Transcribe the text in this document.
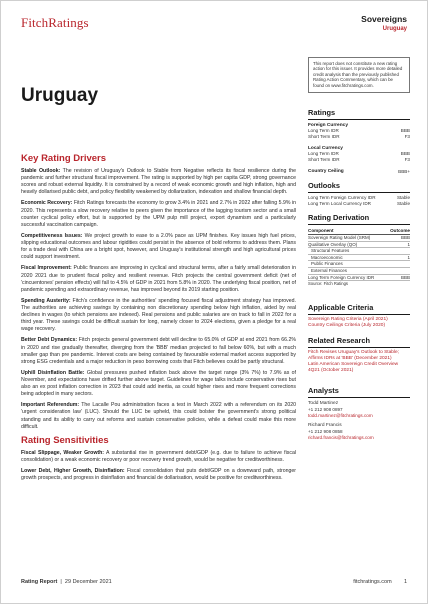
FitchRatings	Sovereigns
Uruguay
Uruguay
Key Rating Drivers
Stable Outlook: The revision of Uruguay's Outlook to Stable from Negative reflects its fiscal resilience during the pandemic and further structural fiscal improvement. The rating is supported by high per capita GDP, strong governance scores and robust external liquidity. It is constrained by a record of weak economic growth and high inflation, high and heavily dollarised public debt, and policy flexibility weakened by dollarization, indexation and shallow financial depth.
Economic Recovery: Fitch Ratings forecasts the economy to grow 3.4% in 2021 and 2.7% in 2022 after falling 5.9% in 2020. This represents a slow recovery relative to peers given the importance of the lagging tourism sector and a small counter cyclical policy effort, but is supported by the UPM pulp mill project, export dynamism and a particularly successful vaccination campaign.
Competitiveness Issues: We project growth to ease to a 2.0% pace as UPM finishes. Key issues high fuel prices, slipping educational outcomes and labour rigidities could persist in the absence of bold reforms to address them. Plans for a trade deal with China are a bright spot, however, and Uruguay's institutional strength and high agricultural prices could support investment.
Fiscal Improvement: Public finances are improving in cyclical and structural terms, after a fairly small deterioration in 2020 2021 due to prudent fiscal policy and resilient revenue. Fitch projects the central government deficit (net of 'cincuentones' pension effects) will fall to 4.5% of GDP in 2021 from 5.8% in 2020. The underlying fiscal position, net of pandemic spending and extraordinary revenue, has improved beyond its 2019 starting position.
Spending Austerity: Fitch's confidence in the authorities' spending focused fiscal adjustment strategy has improved. The authorities are achieving savings by containing non discretionary spending below high inflation, aided by real declines in wages (to which pensions are indexed). Real pensions and public salaries are on track to fall in 2022 for a third year. These savings could be difficult sustain for long, namely closer to 2024 elections, given a pledge for a real wage recovery.
Better Debt Dynamics: Fitch projects general government debt will decline to 65.0% of GDP at end 2021 from 66.2% in 2020 and rise gradually thereafter, diverging from the 'BBB' median projected to fall below 60%, but with a much smaller gap than pre pandemic. Interest costs are being contained by favourable external market access supported by strong ESG credentials and a major reduction in peso borrowing costs that Fitch believes could be partly structural.
Uphill Disinflation Battle: Global pressures pushed inflation back above the target range (3% 7%) to 7.9% as of November, and expectations have drifted further above target. Guidelines for wage talks include conservative rises but also an ex post inflation correction in 2023 that could add inertia, as could higher rises and more frequent corrections being adopted in many sectors.
Important Referendum: The Lacalle Pou administration faces a test in March 2022 with a referendum on its 2020 'urgent consideration law' (LUC). Should the LUC be upheld, this could bolster the government's strong political standing and its ability to carry out reforms and sustain conservative policies, while a defeat could make this more difficult.
Rating Sensitivities
Fiscal Slippage, Weaker Growth: A substantial rise in government debt/GDP (e.g. due to failure to achieve fiscal consolidation) or a weak economic recovery or poor recovery trend growth, would be negative for creditworthiness.
Lower Debt, Higher Growth, Disinflation: Fiscal consolidation that puts debt/GDP on a downward path, stronger growth prospects, and progress in disinflation and financial de dollarisation, would be positive for creditworthiness.
This report does not constitute a new rating action for this issuer. It provides more detailed credit analysis than the previously published Rating Action Commentary, which can be found on www.fitchratings.com.
Ratings
Foreign Currency
Long Term IDR	BBB
Short Term IDR	F3
Local Currency
Long Term IDR	BBB
Short Term IDR	F3
Country Ceiling	BBB+
Outlooks
Long Term Foreign Currency IDR	Stable
Long Term Local Currency IDR	Stable
Rating Derivation
Component	Outcome
Sovereign Rating Model (SRM)	BBB
Qualitative Overlay (QO)	1
Structural Features
Macroeconomic	1
Public Finances
External Finances
Long Term Foreign Currency IDR	BBB
Source: Fitch Ratings
Applicable Criteria
Sovereign Rating Criteria (April 2021)
Country Ceilings Criteria (July 2020)
Related Research
Fitch Revises Uruguay's Outlook to Stable; Affirms IDRs at 'BBB' (December 2021)
Latin American Sovereign Credit Overview 4Q21 (October 2021)
Analysts
Todd Martinez
+1 212 908 0897
todd.martinez@fitchratings.com
Richard Francis
+1 212 908 0858
richard.francis@fitchratings.com
Rating Report  |  29 December 2021	fitchratings.com 1
